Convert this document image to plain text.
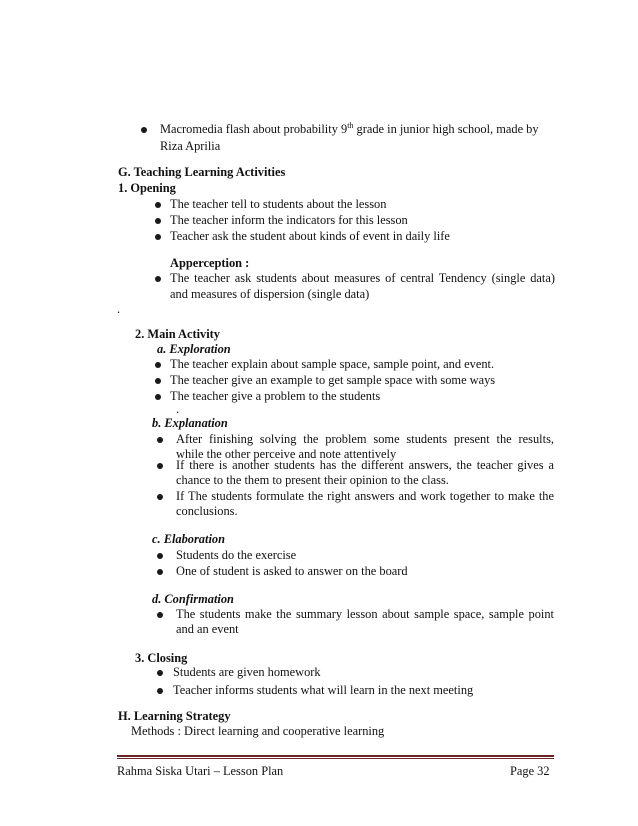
Macromedia flash about probability 9th grade in junior high school, made by
Riza Aprilia
G. Teaching Learning Activities
1. Opening
The teacher tell to students about the lesson
The teacher inform the indicators for this lesson
Teacher ask the student about kinds of event in daily life
Apperception :
The teacher ask students about measures of central Tendency (single data)
and measures of dispersion (single data)
.
2. Main Activity
a. Exploration
The teacher explain about sample space, sample point, and event.
The teacher give an example to get sample space with some ways
The teacher give a problem to the students
.
b. Explanation
After finishing solving the problem some students present the results,
while the other perceive and note attentively
If there is another students has the different answers, the teacher gives a
chance to the them to present their opinion to the class.
If The students formulate the right answers and work together to make the
conclusions.
c. Elaboration
Students do the exercise
One of student is asked to answer on the board
d. Confirmation
The students make the summary lesson about sample space, sample point
and an event
3. Closing
Students are given homework
Teacher informs students what will learn in the next meeting
H. Learning Strategy
Methods : Direct learning and cooperative learning
Rahma Siska Utari – Lesson Plan	Page 32
